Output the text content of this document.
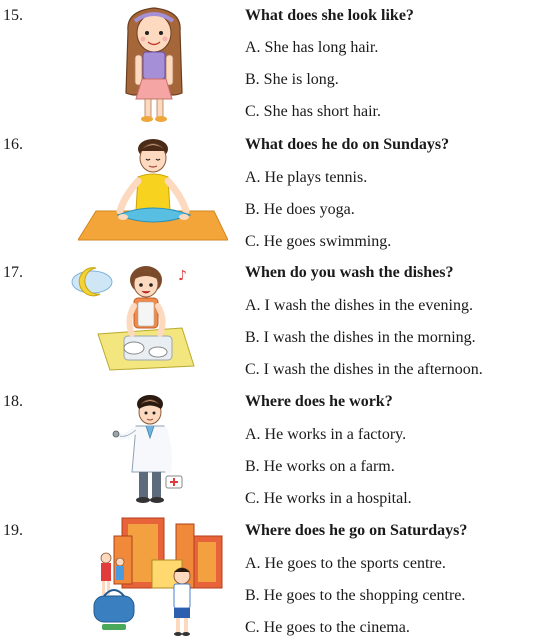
15.	What does she look like?
A. She has long hair.
B. She is long.
C. She has short hair.
16.	What does he do on Sundays?
A. He plays tennis.
B. He does yoga.
C. He goes swimming.
17.	♪	When do you wash the dishes?
A. I wash the dishes in the evening.
B. I wash the dishes in the morning.
C. I wash the dishes in the afternoon.
18.	Where does he work?
A. He works in a factory.
B. He works on a farm.
C. He works in a hospital.
19.	Where does he go on Saturdays?
A. He goes to the sports centre.
B. He goes to the shopping centre.
C. He goes to the cinema.
